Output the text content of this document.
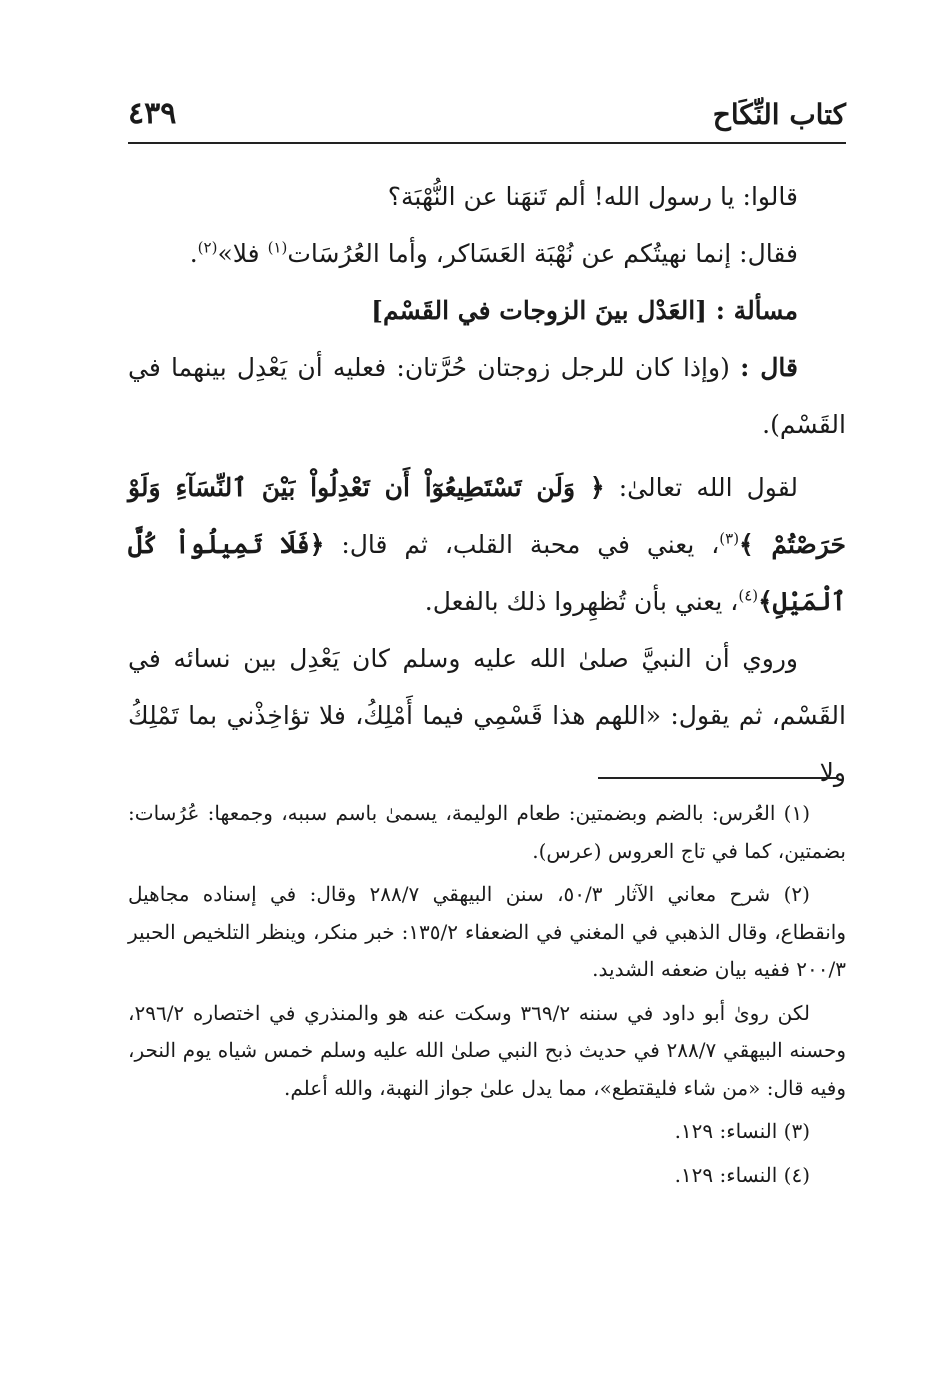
كتاب النِّكَاح
٤٣٩

قالوا: يا رسول الله! ألم تَنهَنا عن النُّهْبَة؟

فقال: إنما نهيتُكم عن نُهْبَة العَسَاكر، وأما العُرُسَات$^{(١)}$ فلا»$^{(٢)}$.

مسألة : [العَدْل بينَ الزوجات في القَسْم]

قال : (وإذا كان للرجل زوجتان حُرَّتان: فعليه أن يَعْدِل بينهما في القَسْم).

لقول الله تعالىٰ: ﴿ وَلَن تَسْتَطِيعُوٓاْ أَن تَعْدِلُواْ بَيْنَ ٱلنِّسَآءِ وَلَوْ حَرَصْتُمْ ﴾$^{(٣)}$، يعني في محبة القلب، ثم قال: ﴿فَلَا تَمِيلُواْ كُلَّ ٱلْمَيْلِ﴾$^{(٤)}$، يعني بأن تُظهِروا ذلك بالفعل.

وروي أن النبيَّ صلىٰ الله عليه وسلم كان يَعْدِل بين نسائه في القَسْم، ثم يقول: «اللهم هذا قَسْمِي فيما أَمْلِكُ، فلا تؤاخِذْني بما تَمْلِكُ ولا

(١) العُرس: بالضم وبضمتين: طعام الوليمة، يسمىٰ باسم سببه، وجمعها: عُرُسات: بضمتين، كما في تاج العروس (عرس).

(٢) شرح معاني الآثار ٥٠/٣، سنن البيهقي ٢٨٨/٧ وقال: في إسناده مجاهيل وانقطاع، وقال الذهبي في المغني في الضعفاء ١٣٥/٢: خبر منكر، وينظر التلخيص الحبير ٢٠٠/٣ ففيه بيان ضعفه الشديد.

لكن روىٰ أبو داود في سننه ٣٦٩/٢ وسكت عنه هو والمنذري في اختصاره ٢٩٦/٢، وحسنه البيهقي ٢٨٨/٧ في حديث ذبح النبي صلىٰ الله عليه وسلم خمس شياه يوم النحر، وفيه قال: «من شاء فليقتطع»، مما يدل علىٰ جواز النهبة، والله أعلم.

(٣) النساء: ١٢٩.

(٤) النساء: ١٢٩.
